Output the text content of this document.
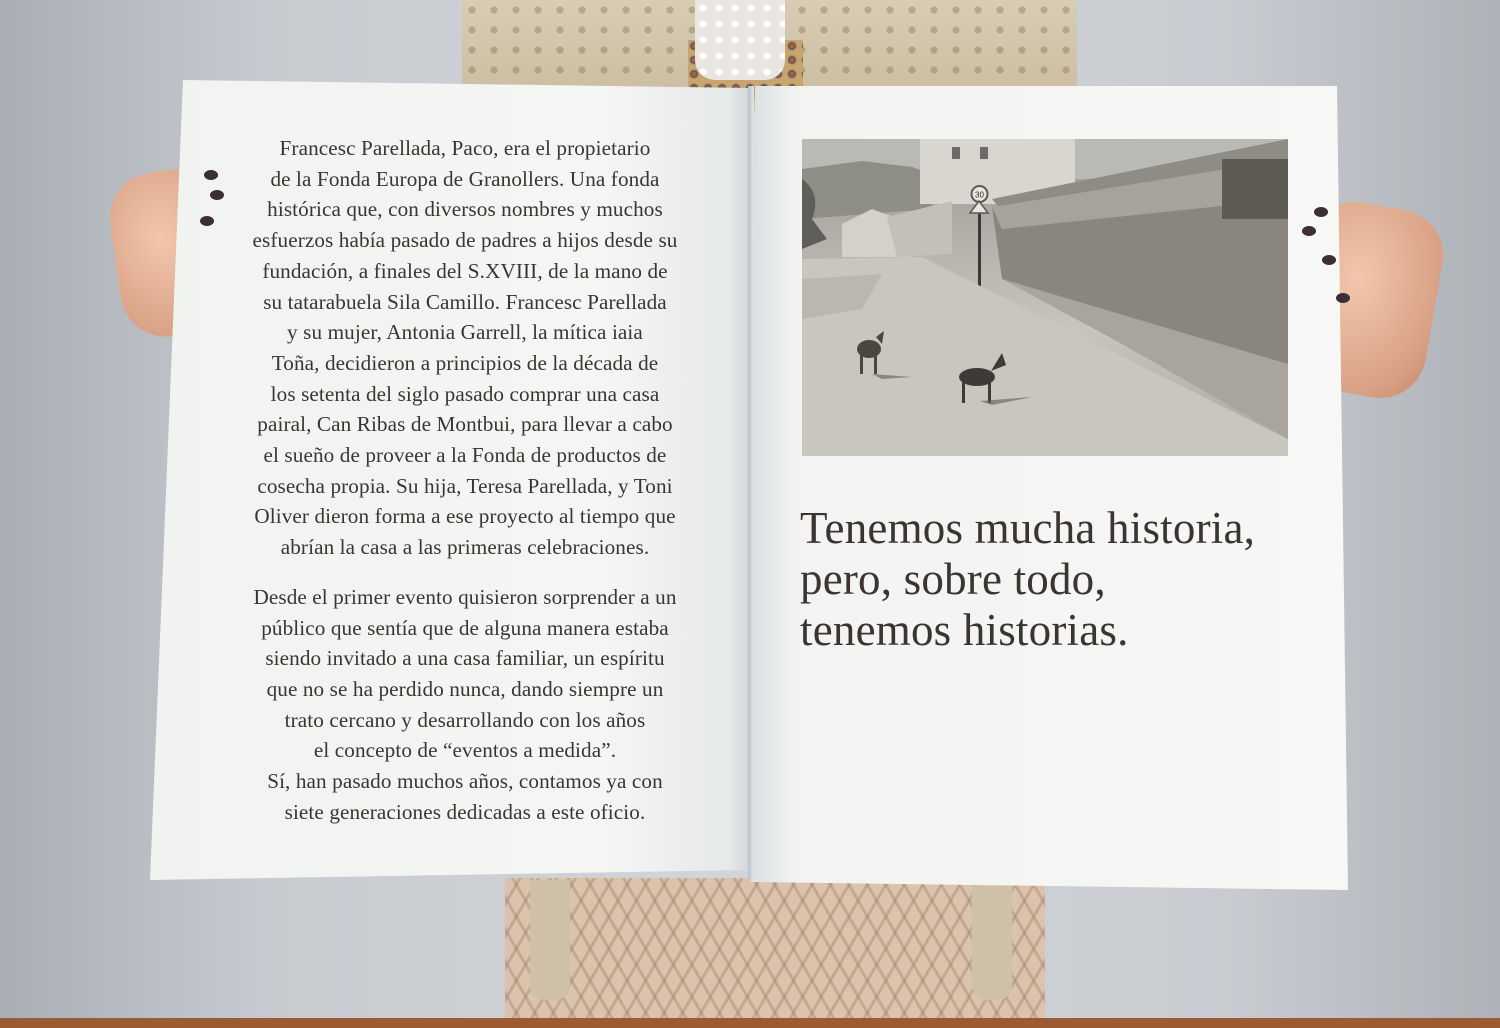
Francesc Parellada, Paco, era el propietario
de la Fonda Europa de Granollers. Una fonda
histórica que, con diversos nombres y muchos
esfuerzos había pasado de padres a hijos desde su
fundación, a finales del S.XVIII, de la mano de
su tatarabuela Sila Camillo. Francesc Parellada
y su mujer, Antonia Garrell, la mítica iaia
Toña, decidieron a principios de la década de
los setenta del siglo pasado comprar una casa
pairal, Can Ribas de Montbui, para llevar a cabo
el sueño de proveer a la Fonda de productos de
cosecha propia. Su hija, Teresa Parellada, y Toni
Oliver dieron forma a ese proyecto al tiempo que
abrían la casa a las primeras celebraciones.

Desde el primer evento quisieron sorprender a un
público que sentía que de alguna manera estaba
siendo invitado a una casa familiar, un espíritu
que no se ha perdido nunca, dando siempre un
trato cercano y desarrollando con los años
el concepto de “eventos a medida”.
Sí, han pasado muchos años, contamos ya con
siete generaciones dedicadas a este oficio.

30
Tenemos mucha historia,
pero, sobre todo,
tenemos historias.
